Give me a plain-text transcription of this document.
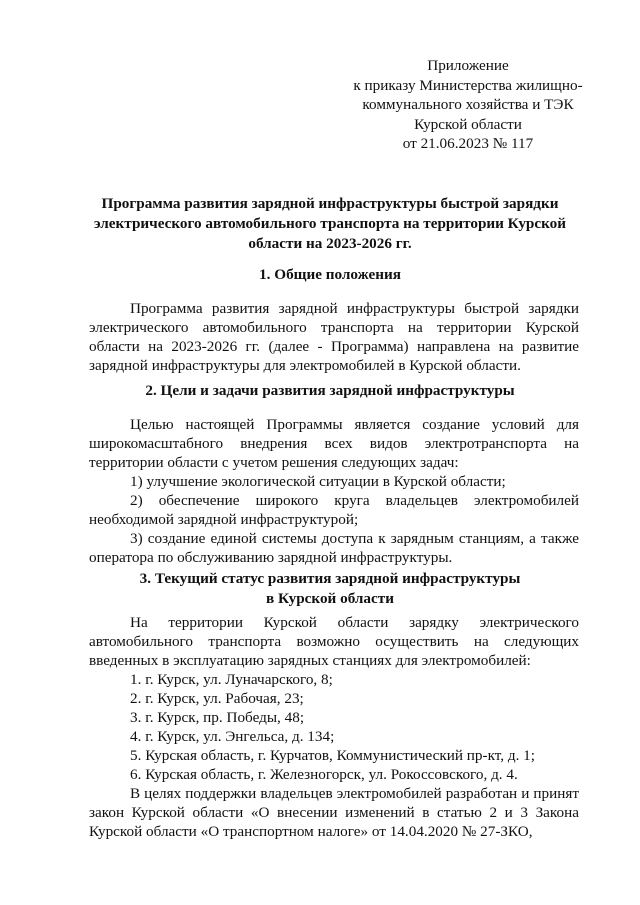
Приложение
к приказу Министерства жилищно-
коммунального хозяйства и ТЭК
Курской области
от 21.06.2023 № 117
Программа развития зарядной инфраструктуры быстрой зарядки
электрического автомобильного транспорта на территории Курской
области на 2023-2026 гг.
1. Общие положения

Программа развития зарядной инфраструктуры быстрой зарядки электрического автомобильного транспорта на территории Курской области на 2023-2026 гг. (далее - Программа) направлена на развитие зарядной инфраструктуры для электромобилей в Курской области.

2. Цели и задачи развития зарядной инфраструктуры

Целью настоящей Программы является создание условий для широкомасштабного внедрения всех видов электротранспорта на территории области с учетом решения следующих задач:

1) улучшение экологической ситуации в Курской области;

2) обеспечение широкого круга владельцев электромобилей необходимой зарядной инфраструктурой;

3) создание единой системы доступа к зарядным станциям, а также оператора по обслуживанию зарядной инфраструктуры.

3. Текущий статус развития зарядной инфраструктуры
в Курской области

На территории Курской области зарядку электрического автомобильного транспорта возможно осуществить на следующих введенных в эксплуатацию зарядных станциях для электромобилей:

1. г. Курск, ул. Луначарского, 8;
2. г. Курск, ул. Рабочая, 23;
3. г. Курск, пр. Победы, 48;
4. г. Курск, ул. Энгельса, д. 134;
5. Курская область, г. Курчатов, Коммунистический пр-кт, д. 1;
6. Курская область, г. Железногорск, ул. Рокоссовского, д. 4.

В целях поддержки владельцев электромобилей разработан и принят закон Курской области «О внесении изменений в статью 2 и 3 Закона Курской области «О транспортном налоге» от 14.04.2020 № 27-ЗКО,
